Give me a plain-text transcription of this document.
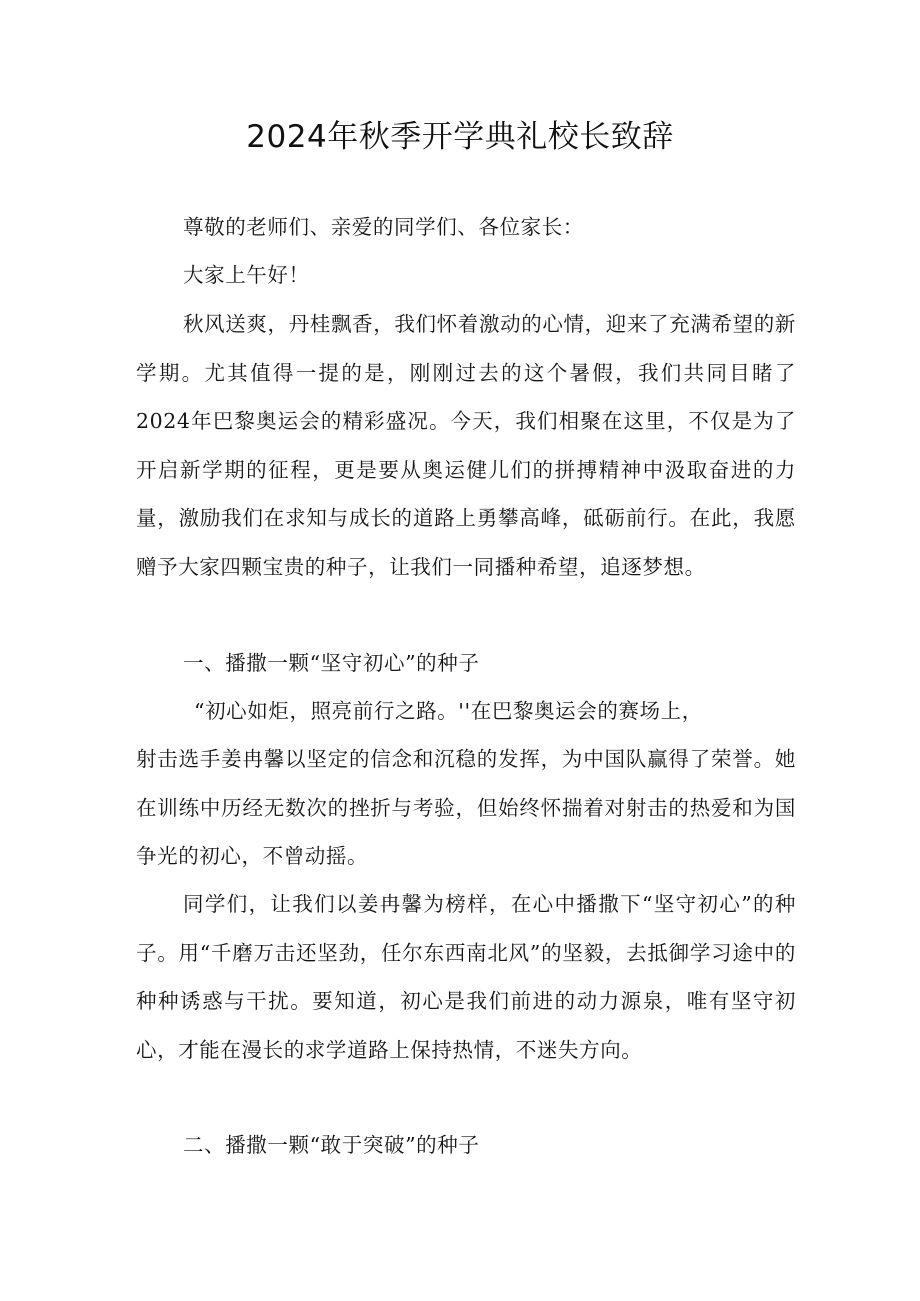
2024年秋季开学典礼校长致辞
尊敬的老师们、亲爱的同学们、各位家长：
大家上午好！
秋风送爽，丹桂飘香，我们怀着激动的心情，迎来了充满希望的新学期。尤其值得一提的是，刚刚过去的这个暑假，我们共同目睹了2024年巴黎奥运会的精彩盛况。今天，我们相聚在这里，不仅是为了开启新学期的征程，更是要从奥运健儿们的拼搏精神中汲取奋进的力量，激励我们在求知与成长的道路上勇攀高峰，砥砺前行。在此，我愿赠予大家四颗宝贵的种子，让我们一同播种希望，追逐梦想。
一、播撒一颗“坚守初心”的种子
“初心如炬，照亮前行之路。''在巴黎奥运会的赛场上，
射击选手姜冉馨以坚定的信念和沉稳的发挥，为中国队赢得了荣誉。她在训练中历经无数次的挫折与考验，但始终怀揣着对射击的热爱和为国争光的初心，不曾动摇。
同学们，让我们以姜冉馨为榜样，在心中播撒下“坚守初心”的种子。用“千磨万击还坚劲，任尔东西南北风”的坚毅，去抵御学习途中的种种诱惑与干扰。要知道，初心是我们前进的动力源泉，唯有坚守初心，才能在漫长的求学道路上保持热情，不迷失方向。
二、播撒一颗“敢于突破”的种子
